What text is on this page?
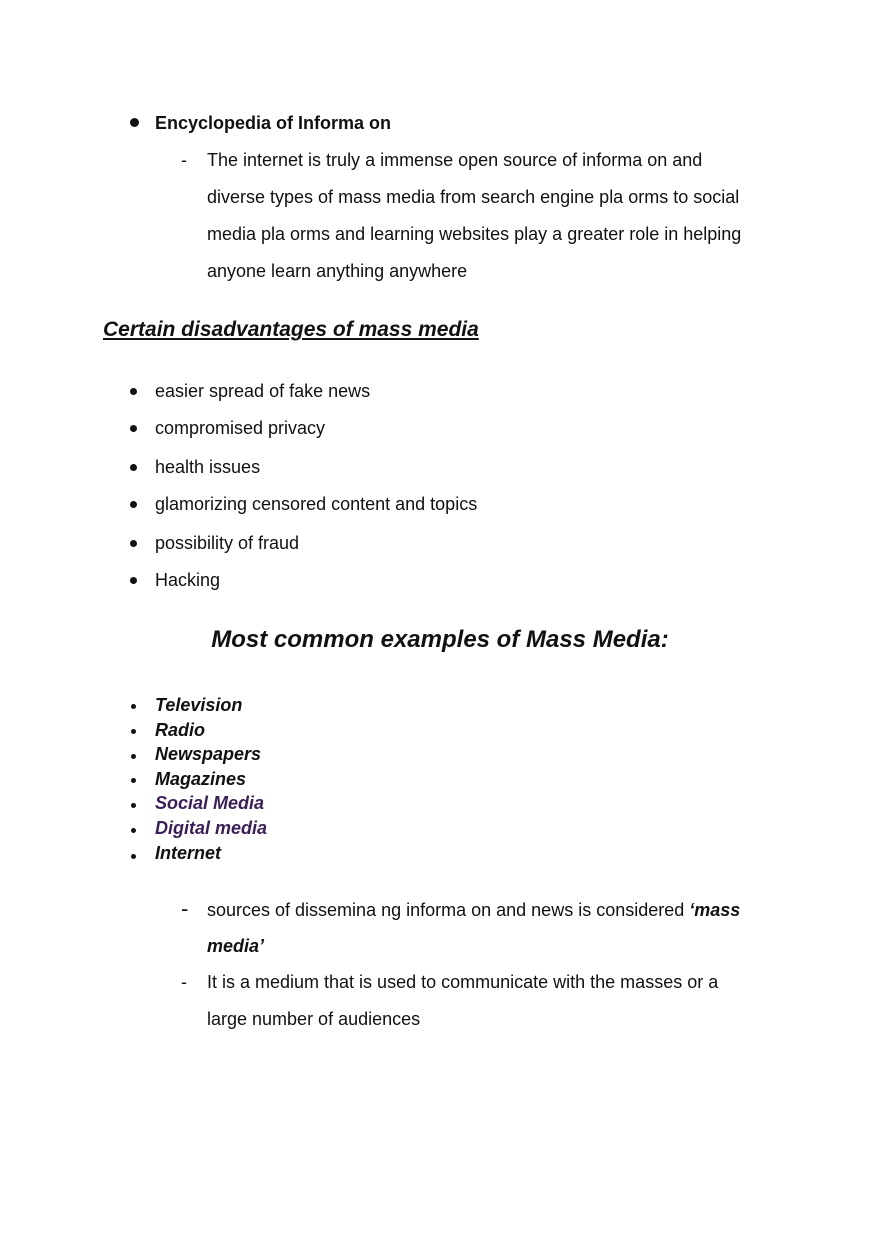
Encyclopedia of Informa on
- The internet is truly a immense open source of informa on and
diverse types of mass media from search engine pla orms to social
media pla orms and learning websites play a greater role in helping
anyone learn anything anywhere
Certain disadvantages of mass media
easier spread of fake news
compromised privacy
health issues
glamorizing censored content and topics
possibility of fraud
Hacking
Most common examples of Mass Media:
Television
Radio
Newspapers
Magazines
Social Media
Digital media
Internet
- sources of dissemina ng informa on and news is considered ‘mass
media’
- It is a medium that is used to communicate with the masses or a
large number of audiences
